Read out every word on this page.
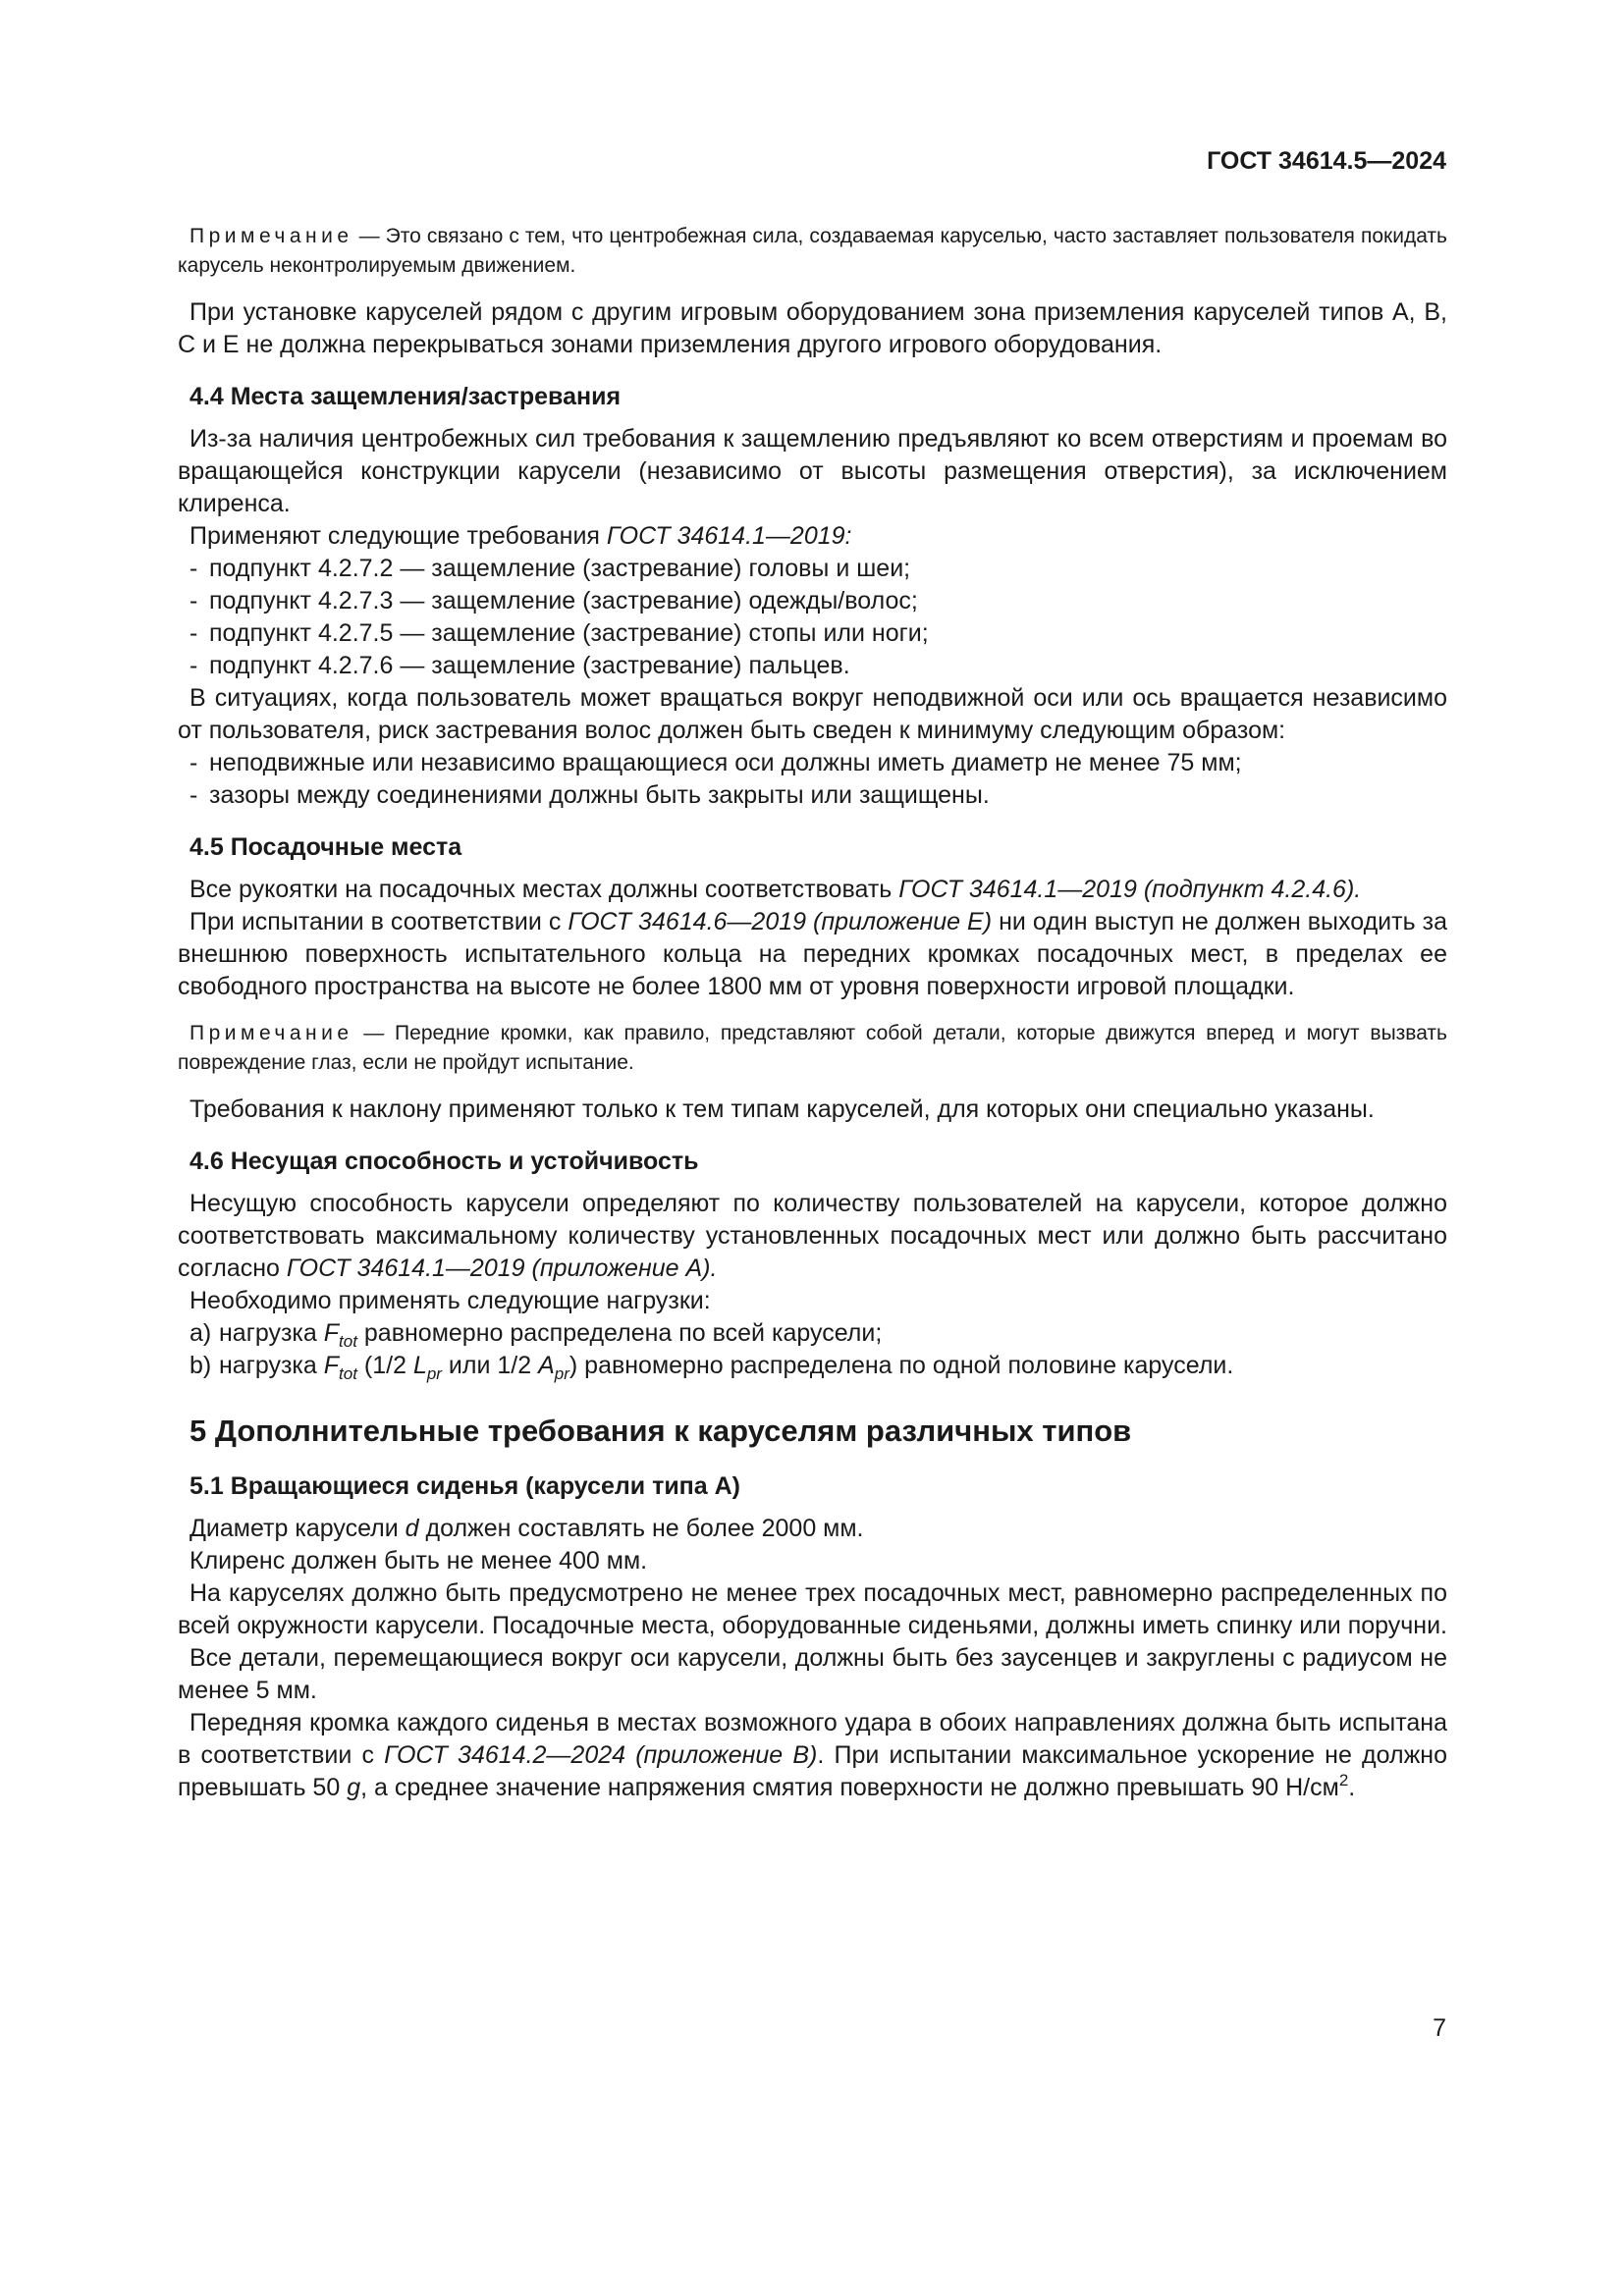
ГОСТ 34614.5—2024

Примечание — Это связано с тем, что центробежная сила, создаваемая каруселью, часто заставляет пользователя покидать карусель неконтролируемым движением.

При установке каруселей рядом с другим игровым оборудованием зона приземления каруселей типов А, В, С и Е не должна перекрываться зонами приземления другого игрового оборудования.

4.4 Места защемления/застревания

Из-за наличия центробежных сил требования к защемлению предъявляют ко всем отверстиям и проемам во вращающейся конструкции карусели (независимо от высоты размещения отверстия), за исключением клиренса.

Применяют следующие требования ГОСТ 34614.1—2019:

- подпункт 4.2.7.2 — защемление (застревание) головы и шеи;
- подпункт 4.2.7.3 — защемление (застревание) одежды/волос;
- подпункт 4.2.7.5 — защемление (застревание) стопы или ноги;
- подпункт 4.2.7.6 — защемление (застревание) пальцев.

В ситуациях, когда пользователь может вращаться вокруг неподвижной оси или ось вращается независимо от пользователя, риск застревания волос должен быть сведен к минимуму следующим образом:

- неподвижные или независимо вращающиеся оси должны иметь диаметр не менее 75 мм;
- зазоры между соединениями должны быть закрыты или защищены.
4.5 Посадочные места

Все рукоятки на посадочных местах должны соответствовать ГОСТ 34614.1—2019 (подпункт 4.2.4.6).

При испытании в соответствии с ГОСТ 34614.6—2019 (приложение Е) ни один выступ не должен выходить за внешнюю поверхность испытательного кольца на передних кромках посадочных мест, в пределах ее свободного пространства на высоте не более 1800 мм от уровня поверхности игровой площадки.

Примечание — Передние кромки, как правило, представляют собой детали, которые движутся вперед и могут вызвать повреждение глаз, если не пройдут испытание.

Требования к наклону применяют только к тем типам каруселей, для которых они специально указаны.

4.6 Несущая способность и устойчивость

Несущую способность карусели определяют по количеству пользователей на карусели, которое должно соответствовать максимальному количеству установленных посадочных мест или должно быть рассчитано согласно ГОСТ 34614.1—2019 (приложение А).

Необходимо применять следующие нагрузки:

a) нагрузка $F_{tot}$ равномерно распределена по всей карусели;
b) нагрузка $F_{tot}$ (1/2 $L_{pr}$ или 1/2 $A_{pr}$) равномерно распределена по одной половине карусели.
5 Дополнительные требования к каруселям различных типов
5.1 Вращающиеся сиденья (карусели типа А)

Диаметр карусели d должен составлять не более 2000 мм.

Клиренс должен быть не менее 400 мм.

На каруселях должно быть предусмотрено не менее трех посадочных мест, равномерно распределенных по всей окружности карусели. Посадочные места, оборудованные сиденьями, должны иметь спинку или поручни.

Все детали, перемещающиеся вокруг оси карусели, должны быть без заусенцев и закруглены с радиусом не менее 5 мм.

Передняя кромка каждого сиденья в местах возможного удара в обоих направлениях должна быть испытана в соответствии с ГОСТ 34614.2—2024 (приложение В). При испытании максимальное ускорение не должно превышать 50 g, а среднее значение напряжения смятия поверхности не должно превышать 90 $Н/см^2$.

7
